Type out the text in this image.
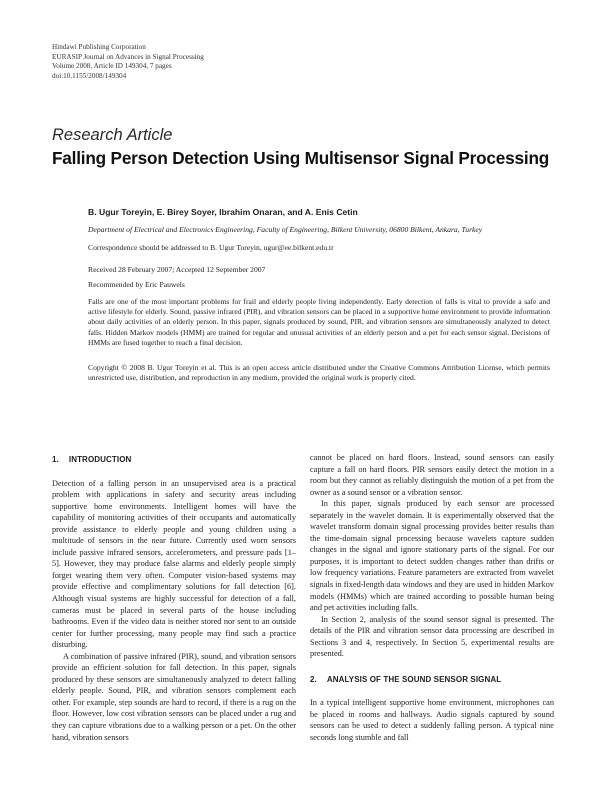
Hindawi Publishing Corporation
EURASIP Journal on Advances in Signal Processing
Volume 2008, Article ID 149304, 7 pages
doi:10.1155/2008/149304
Research Article
Falling Person Detection Using Multisensor Signal Processing
B. Ugur Toreyin, E. Birey Soyer, Ibrahim Onaran, and A. Enis Cetin
Department of Electrical and Electronics Engineering, Faculty of Engineering, Bilkent University, 06800 Bilkent, Ankara, Turkey
Correspondence should be addressed to B. Ugur Toreyin, ugur@ee.bilkent.edu.tr
Received 28 February 2007; Accepted 12 September 2007
Recommended by Eric Pauwels
Falls are one of the most important problems for frail and elderly people living independently. Early detection of falls is vital to provide a safe and active lifestyle for elderly. Sound, passive infrared (PIR), and vibration sensors can be placed in a supportive home environment to provide information about daily activities of an elderly person. In this paper, signals produced by sound, PIR, and vibration sensors are simultaneously analyzed to detect falls. Hidden Markov models (HMM) are trained for regular and unusual activities of an elderly person and a pet for each sensor signal. Decisions of HMMs are fused together to reach a final decision.
Copyright © 2008 B. Ugur Toreyin et al. This is an open access article distributed under the Creative Commons Attribution License, which permits unrestricted use, distribution, and reproduction in any medium, provided the original work is properly cited.
1. INTRODUCTION

Detection of a falling person in an unsupervised area is a practical problem with applications in safety and security areas including supportive home environments. Intelligent homes will have the capability of monitoring activities of their occupants and automatically provide assistance to elderly people and young children using a multitude of sensors in the near future. Currently used worn sensors include passive infrared sensors, accelerometers, and pressure pads [1–5]. However, they may produce false alarms and elderly people simply forget wearing them very often. Computer vision-based systems may provide effective and complimentary solutions for fall detection [6]. Although visual systems are highly successful for detection of a fall, cameras must be placed in several parts of the house including bathrooms. Even if the video data is neither stored nor sent to an outside center for further processing, many people may find such a practice disturbing.

A combination of passive infrared (PIR), sound, and vibration sensors provide an efficient solution for fall detection. In this paper, signals produced by these sensors are simultaneously analyzed to detect falling elderly people. Sound, PIR, and vibration sensors complement each other. For example, step sounds are hard to record, if there is a rug on the floor. However, low cost vibration sensors can be placed under a rug and they can capture vibrations due to a walking person or a pet. On the other hand, vibration sensors

cannot be placed on hard floors. Instead, sound sensors can easily capture a fall on hard floors. PIR sensors easily detect the motion in a room but they cannot as reliably distinguish the motion of a pet from the owner as a sound sensor or a vibration sensor.

In this paper, signals produced by each sensor are processed separately in the wavelet domain. It is experimentally observed that the wavelet transform domain signal processing provides better results than the time-domain signal processing because wavelets capture sudden changes in the signal and ignore stationary parts of the signal. For our purposes, it is important to detect sudden changes rather than drifts or low frequency variations. Feature parameters are extracted from wavelet signals in fixed-length data windows and they are used in hidden Markov models (HMMs) which are trained according to possible human being and pet activities including falls.

In Section 2, analysis of the sound sensor signal is presented. The details of the PIR and vibration sensor data processing are described in Sections 3 and 4, respectively. In Section 5, experimental results are presented.

2. ANALYSIS OF THE SOUND SENSOR SIGNAL

In a typical intelligent supportive home environment, microphones can be placed in rooms and hallways. Audio signals captured by sound sensors can be used to detect a suddenly falling person. A typical nine seconds long stumble and fall
